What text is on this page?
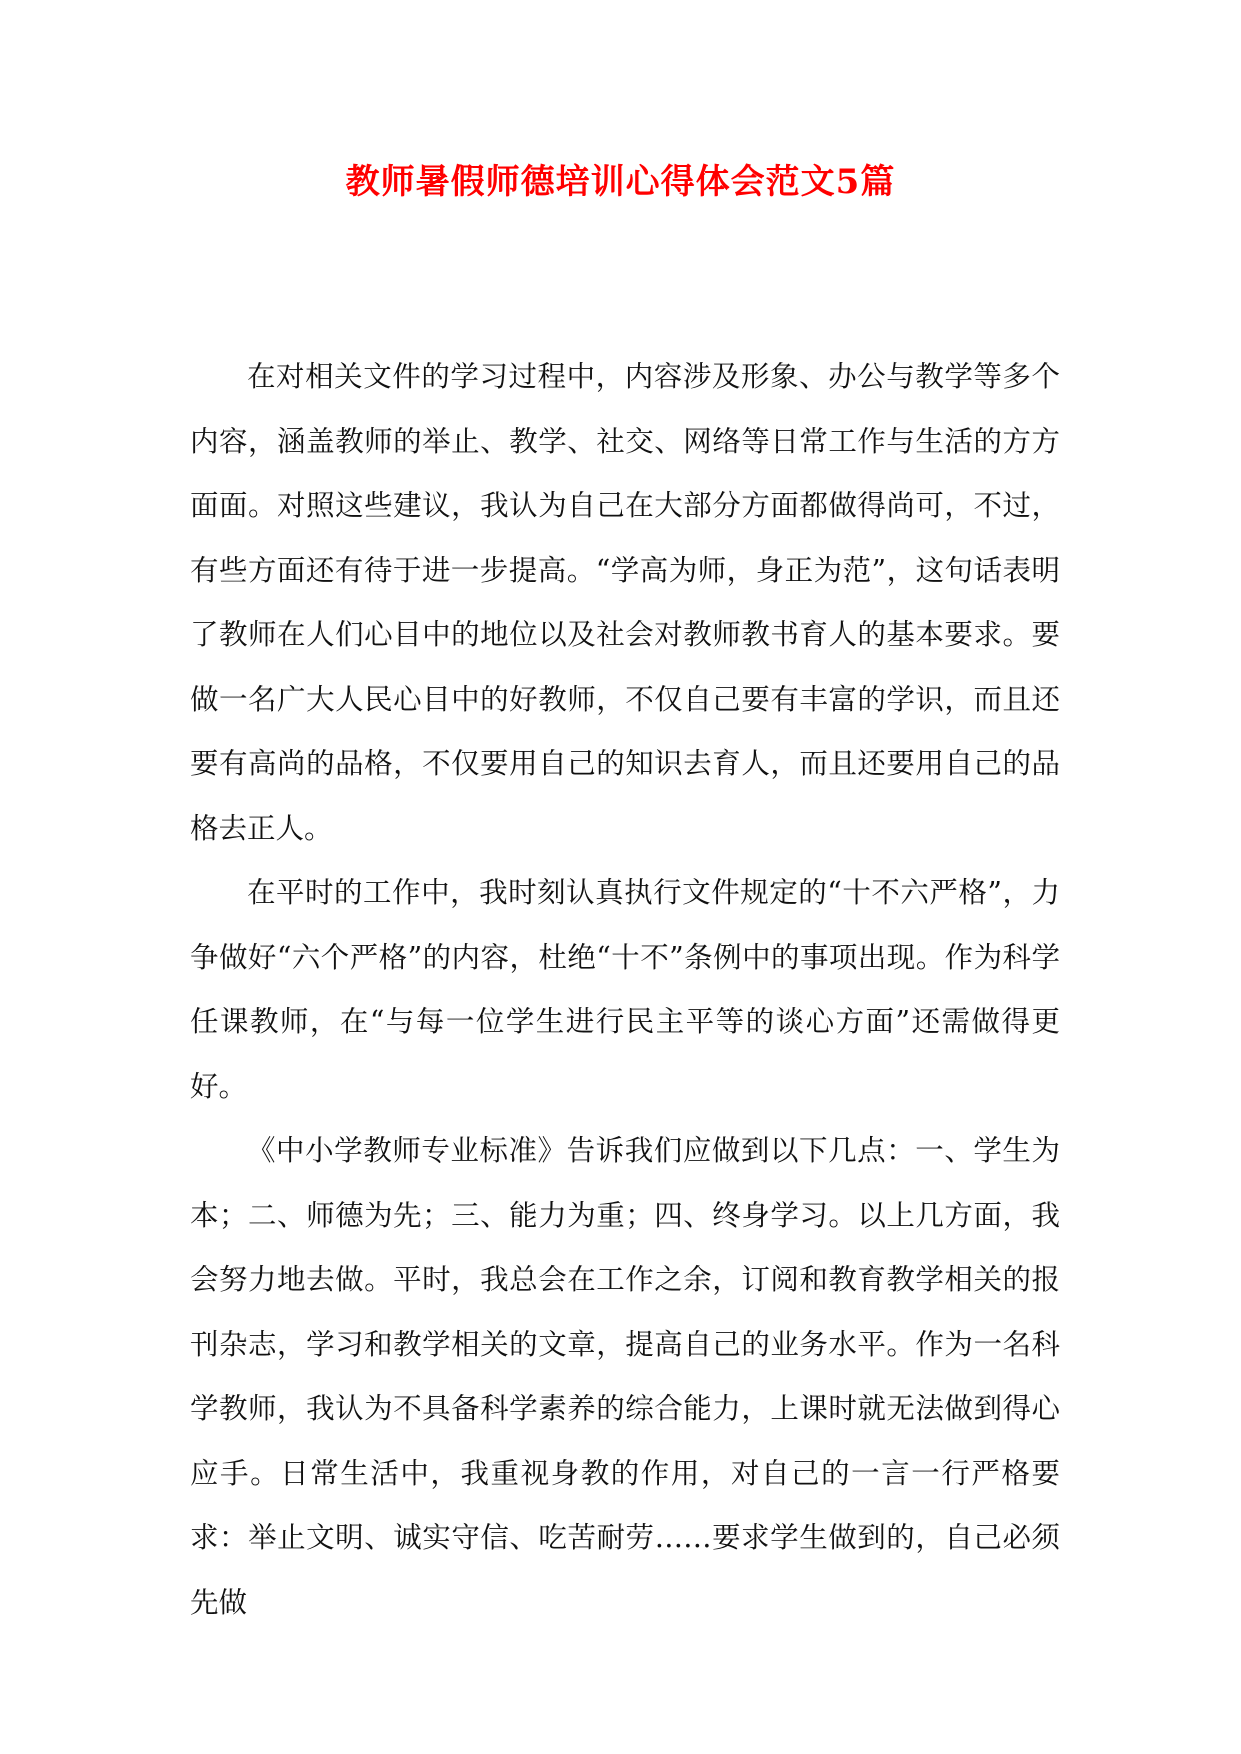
教师暑假师德培训心得体会范文5篇

在对相关文件的学习过程中，内容涉及形象、办公与教学等多个内容，涵盖教师的举止、教学、社交、网络等日常工作与生活的方方面面。对照这些建议，我认为自己在大部分方面都做得尚可，不过，有些方面还有待于进一步提高。“学高为师，身正为范”，这句话表明了教师在人们心目中的地位以及社会对教师教书育人的基本要求。要做一名广大人民心目中的好教师，不仅自己要有丰富的学识，而且还要有高尚的品格，不仅要用自己的知识去育人，而且还要用自己的品格去正人。

在平时的工作中，我时刻认真执行文件规定的“十不六严格”，力争做好“六个严格”的内容，杜绝“十不”条例中的事项出现。作为科学任课教师，在“与每一位学生进行民主平等的谈心方面”还需做得更好。

《中小学教师专业标准》告诉我们应做到以下几点：一、学生为本；二、师德为先；三、能力为重；四、终身学习。以上几方面，我会努力地去做。平时，我总会在工作之余，订阅和教育教学相关的报刊杂志，学习和教学相关的文章，提高自己的业务水平。作为一名科学教师，我认为不具备科学素养的综合能力，上课时就无法做到得心应手。日常生活中，我重视身教的作用，对自己的一言一行严格要求：举止文明、诚实守信、吃苦耐劳……要求学生做到的，自己必须先做
